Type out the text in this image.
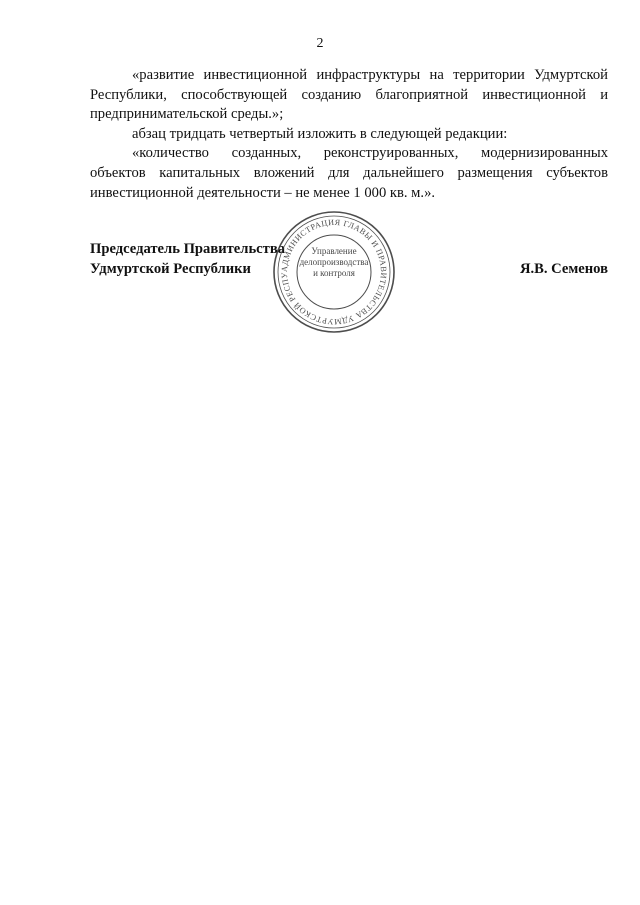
2

«развитие инвестиционной инфраструктуры на территории Удмуртской Республики, способствующей созданию благоприятной инвестиционной и предпринимательской среды.»;

абзац тридцать четвертый изложить в следующей редакции:

«количество созданных, реконструированных, модернизированных объектов капитальных вложений для дальнейшего размещения субъектов инвестиционной деятельности – не менее 1 000 кв. м.».

Председатель Правительства
Удмуртской Республики	Я.В. Семенов
АДМИНИСТРАЦИЯ ГЛАВЫ И ПРАВИТЕЛЬСТВА УДМУРТСКОЙ РЕСПУ
Управление
делопроизводства
и контроля
